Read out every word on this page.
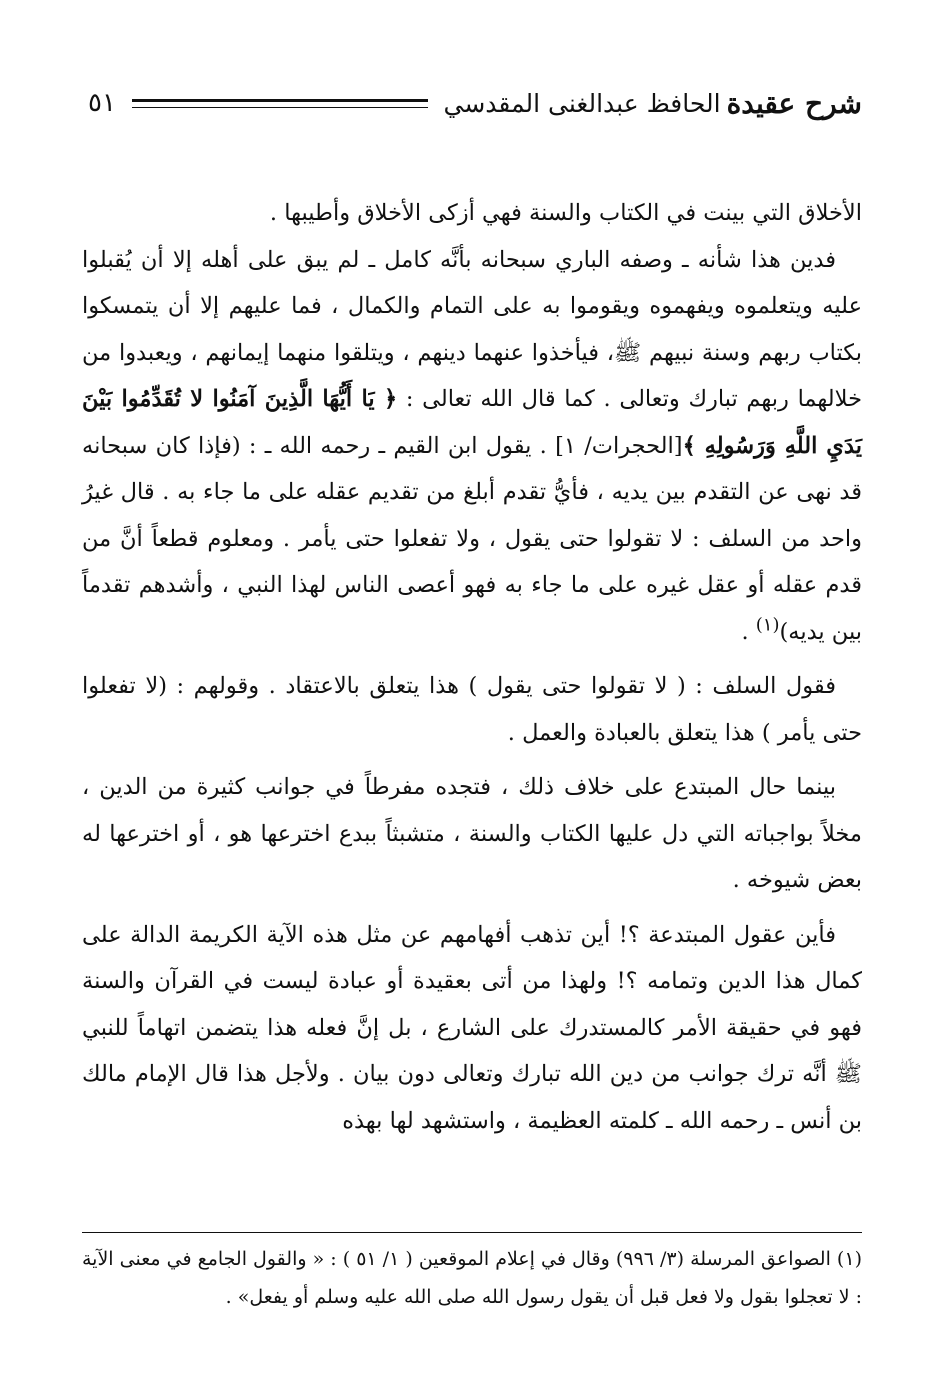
شرح عقيدة
الحافظ عبدالغنى المقدسي
٥١

الأخلاق التي بينت في الكتاب والسنة فهي أزكى الأخلاق وأطيبها .

فدين هذا شأنه ـ وصفه الباري سبحانه بأنَّه كامل ـ لم يبق على أهله إلا أن يُقبلوا عليه ويتعلموه ويفهموه ويقوموا به على التمام والكمال ، فما عليهم إلا أن يتمسكوا بكتاب ربهم وسنة نبيهم ﷺ، فيأخذوا عنهما دينهم ، ويتلقوا منهما إيمانهم ، ويعبدوا من خلالهما ربهم تبارك وتعالى . كما قال الله تعالى : ﴿ يَا أَيُّهَا الَّذِينَ آمَنُوا لا تُقَدِّمُوا بَيْنَ يَدَيِ اللَّهِ وَرَسُولِهِ ﴾[الحجرات/ ١] . يقول ابن القيم ـ رحمه الله ـ : (فإذا كان سبحانه قد نهى عن التقدم بين يديه ، فأيُّ تقدم أبلغ من تقديم عقله على ما جاء به . قال غيرُ واحد من السلف : لا تقولوا حتى يقول ، ولا تفعلوا حتى يأمر . ومعلوم قطعاً أنَّ من قدم عقله أو عقل غيره على ما جاء به فهو أعصى الناس لهذا النبي ، وأشدهم تقدماً بين يديه)$^{(١)}$ .

فقول السلف : ( لا تقولوا حتى يقول ) هذا يتعلق بالاعتقاد . وقولهم : (لا تفعلوا حتى يأمر ) هذا يتعلق بالعبادة والعمل .

بينما حال المبتدع على خلاف ذلك ، فتجده مفرطاً في جوانب كثيرة من الدين ، مخلاً بواجباته التي دل عليها الكتاب والسنة ، متشبثاً ببدع اخترعها هو ، أو اخترعها له بعض شيوخه .

فأين عقول المبتدعة ؟! أين تذهب أفهامهم عن مثل هذه الآية الكريمة الدالة على كمال هذا الدين وتمامه ؟! ولهذا من أتى بعقيدة أو عبادة ليست في القرآن والسنة فهو في حقيقة الأمر كالمستدرك على الشارع ، بل إنَّ فعله هذا يتضمن اتهاماً للنبي ﷺ أنَّه ترك جوانب من دين الله تبارك وتعالى دون بيان . ولأجل هذا قال الإمام مالك بن أنس ـ رحمه الله ـ كلمته العظيمة ، واستشهد لها بهذه

(١) الصواعق المرسلة (٣/ ٩٩٦) وقال في إعلام الموقعين ( ١/ ٥١ ) : « والقول الجامع في معنى الآية : لا تعجلوا بقول ولا فعل قبل أن يقول رسول الله صلى الله عليه وسلم أو يفعل» .
